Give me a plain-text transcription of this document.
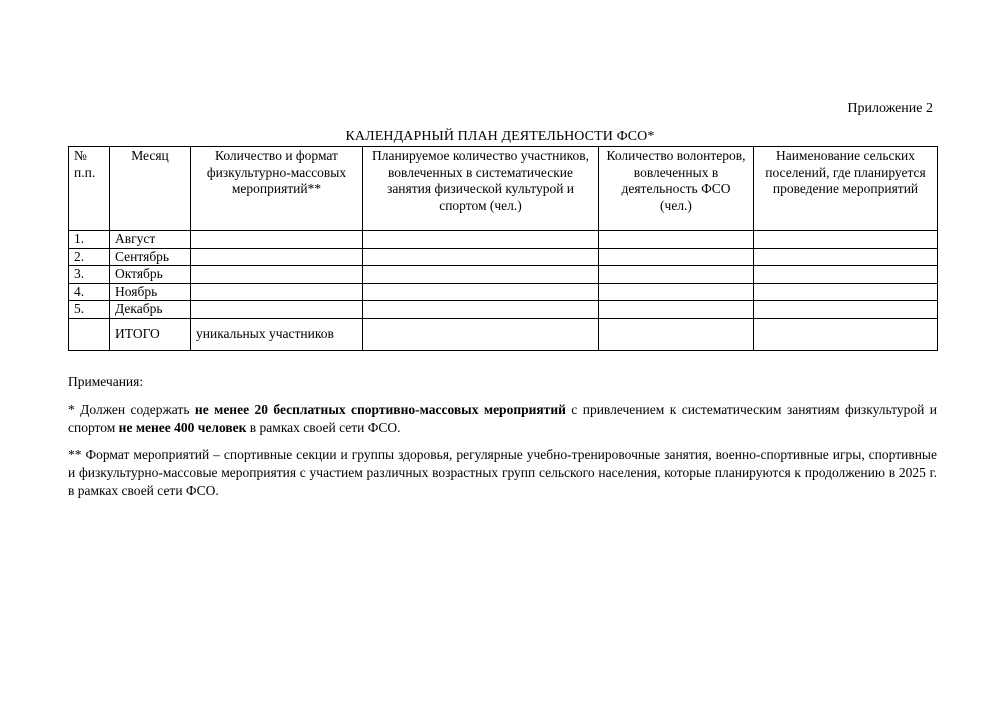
Приложение 2
КАЛЕНДАРНЫЙ ПЛАН ДЕЯТЕЛЬНОСТИ ФСО*
№
п.п.	Месяц	Количество и формат физкультурно-массовых мероприятий**	Планируемое количество участников, вовлеченных в систематические занятия физической культурой и спортом (чел.)	Количество волонтеров, вовлеченных в деятельность ФСО (чел.)	Наименование сельских поселений, где планируется проведение мероприятий
1.	Август				
2.	Сентябрь				
3.	Октябрь				
4.	Ноябрь				
5.	Декабрь				
	ИТОГО	уникальных участников			

Примечания:

* Должен содержать не менее 20 бесплатных спортивно-массовых мероприятий с привлечением к систематическим занятиям физкультурой и спортом не менее 400 человек в рамках своей сети ФСО.

** Формат мероприятий – спортивные секции и группы здоровья, регулярные учебно-тренировочные занятия, военно-спортивные игры, спортивные и физкультурно-массовые мероприятия с участием различных возрастных групп сельского населения, которые планируются к продолжению в 2025 г. в рамках своей сети ФСО.
